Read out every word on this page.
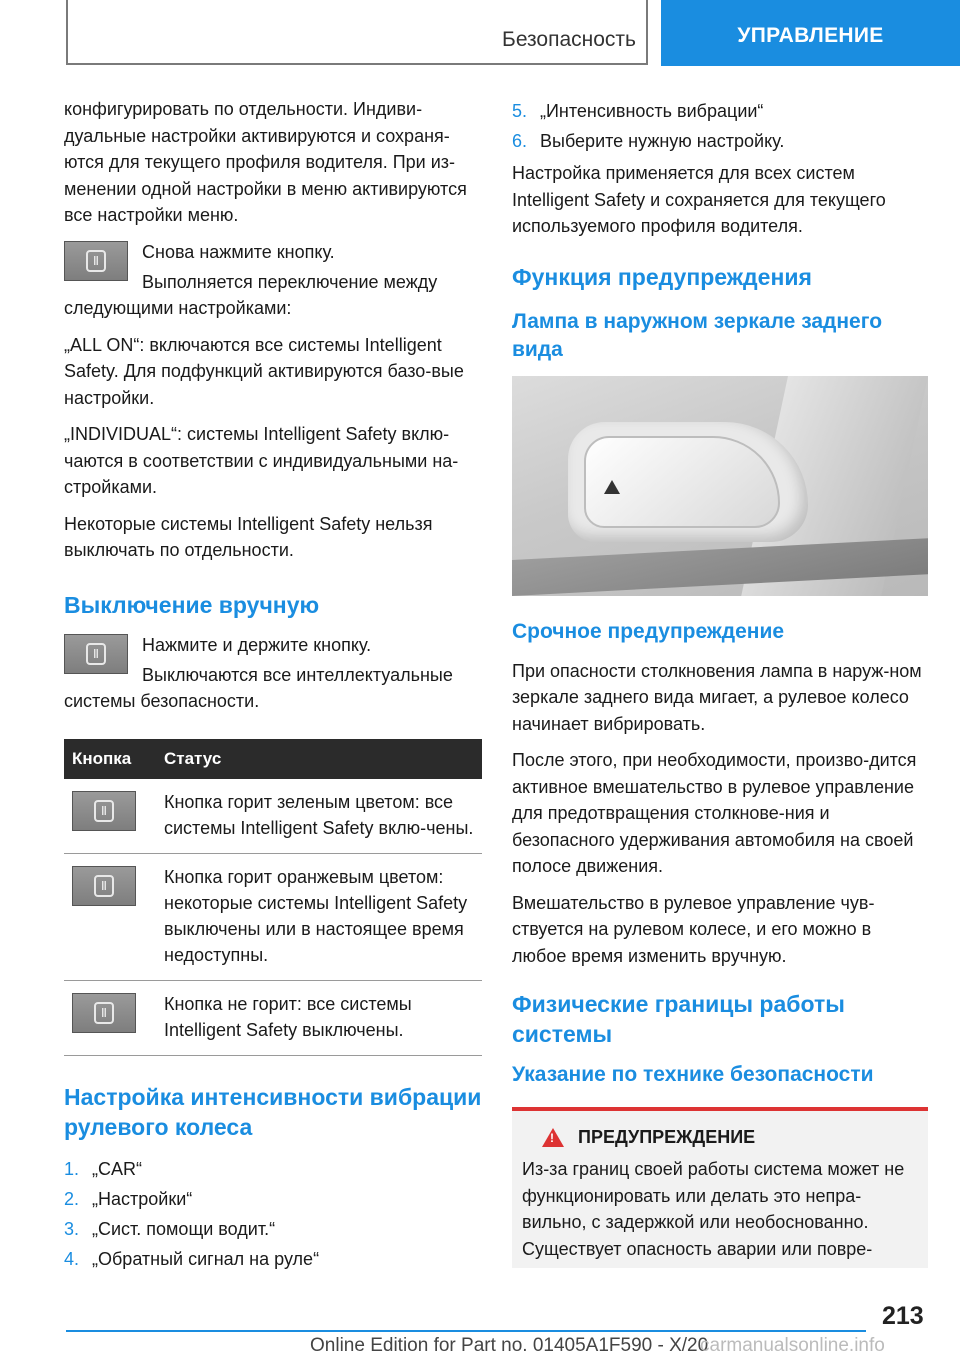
Безопасность	УПРАВЛЕНИЕ

конфигурировать по отдельности. Индиви-дуальные настройки активируются и сохраня-ются для текущего профиля водителя. При из-менении одной настройки в меню активируются все настройки меню.

ǁ	Снова нажмите кнопку.

Выполняется переключение между следующими настройками:

„ALL ON“: включаются все системы Intelligent Safety. Для подфункций активируются базо-вые настройки.

„INDIVIDUAL“: системы Intelligent Safety вклю-чаются в соответствии с индивидуальными на-стройками.

Некоторые системы Intelligent Safety нельзя выключать по отдельности.

Выключение вручную
ǁ	Нажмите и держите кнопку.

Выключаются все интеллектуальные системы безопасности.

Кнопка	Статус

ǁ	Кнопка горит зеленым цветом: все системы Intelligent Safety вклю-чены.

ǁ	Кнопка горит оранжевым цветом: некоторые системы Intelligent Safety выключены или в настоящее время недоступны.

ǁ	Кнопка не горит: все системы Intelligent Safety выключены.
Настройка интенсивности вибрации рулевого колеса
1. „CAR“
2. „Настройки“
3. „Сист. помощи водит.“
4. „Обратный сигнал на руле“
5. „Интенсивность вибрации“
6. Выберите нужную настройку.

Настройка применяется для всех систем Intelligent Safety и сохраняется для текущего используемого профиля водителя.

Функция предупреждения
Лампа в наружном зеркале заднего вида
Срочное предупреждение

При опасности столкновения лампа в наруж-ном зеркале заднего вида мигает, а рулевое колесо начинает вибрировать.

После этого, при необходимости, произво-дится активное вмешательство в рулевое управление для предотвращения столкнове-ния и безопасного удерживания автомобиля на своей полосе движения.

Вмешательство в рулевое управление чув-ствуется на рулевом колесе, и его можно в любое время изменить вручную.

Физические границы работы системы
Указание по технике безопасности
!
ПРЕДУПРЕЖДЕНИЕ

Из-за границ своей работы система может не функционировать или делать это непра-вильно, с задержкой или необоснованно. Существует опасность аварии или повре-

213
Online Edition for Part no. 01405A1F590 - X/20
carmanualsonline.info
